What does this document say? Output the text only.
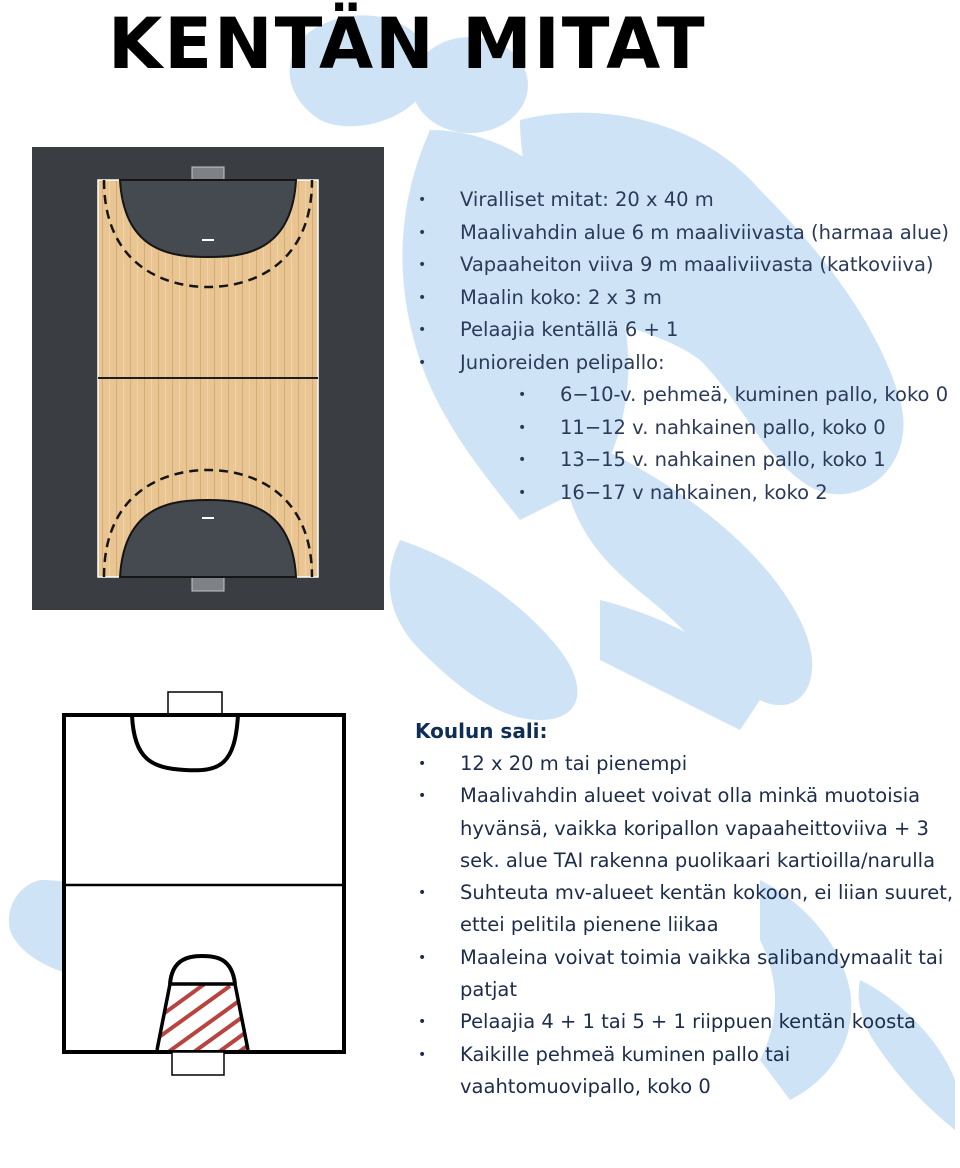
KENTÄN MITAT
• Viralliset mitat: 20 x 40 m
• Maalivahdin alue 6 m maaliviivasta (harmaa alue)
• Vapaaheiton viiva 9 m maaliviivasta (katkoviiva)
• Maalin koko: 2 x 3 m
• Pelaajia kentällä 6 + 1
• Junioreiden pelipallo:
• 6−10-v. pehmeä, kuminen pallo, koko 0
• 11−12 v. nahkainen pallo, koko 0
• 13−15 v. nahkainen pallo, koko 1
• 16−17 v nahkainen, koko 2
Koulun sali:
• 12 x 20 m tai pienempi
• Maalivahdin alueet voivat olla minkä muotoisia hyvänsä, vaikka koripallon vapaaheittoviiva + 3 sek. alue TAI rakenna puolikaari kartioilla/narulla
• Suhteuta mv-alueet kentän kokoon, ei liian suuret, ettei pelitila pienene liikaa
• Maaleina voivat toimia vaikka salibandymaalit tai patjat
• Pelaajia 4 + 1 tai 5 + 1 riippuen kentän koosta
• Kaikille pehmeä kuminen pallo tai vaahtomuovipallo, koko 0
